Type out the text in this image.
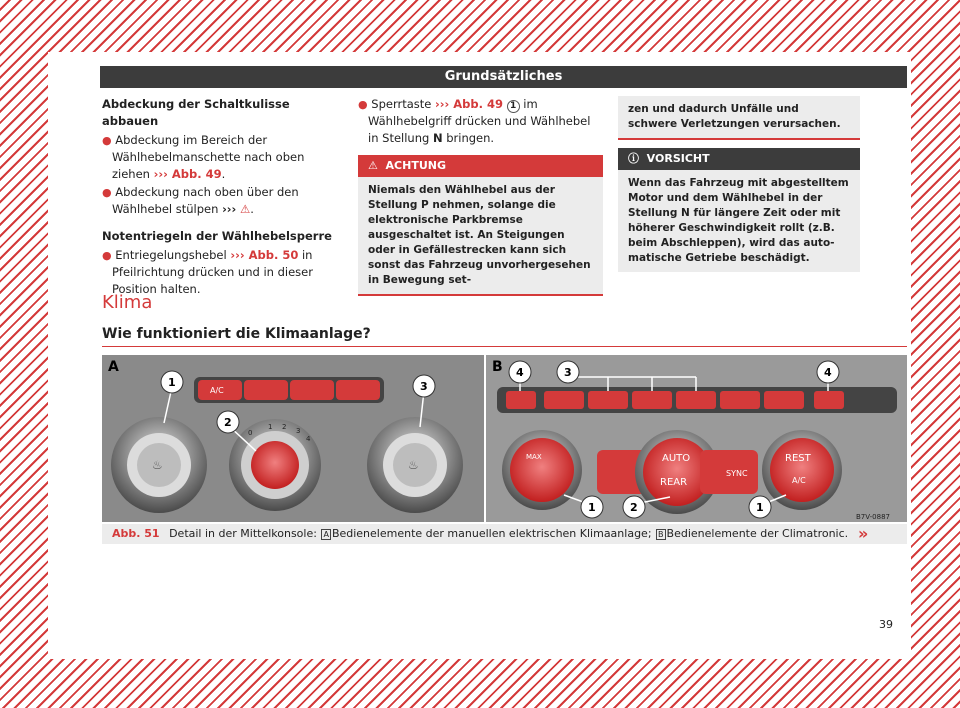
Grundsätzliches
Abdeckung der Schaltkulisse abbauen
● Abdeckung im Bereich der Wählhebelmanschette nach oben ziehen ››› Abb. 49.
● Abdeckung nach oben über den Wählhebel stülpen ››› ⚠.
Notentriegeln der Wählhebelsperre
● Entriegelungshebel ››› Abb. 50 in Pfeilrichtung drücken und in dieser Position halten.
● Sperrtaste ››› Abb. 49 1 im Wählhebelgriff drücken und Wählhebel in Stellung N bringen.
⚠ ACHTUNG
Niemals den Wählhebel aus der Stellung P nehmen, solange die elektronische Parkbremse ausgeschaltet ist. An Steigungen oder in Gefällestrecken kann sich sonst das Fahrzeug unvorhergesehen in Bewegung set-
zen und dadurch Unfälle und schwere Verletzungen verursachen.
ⓘ VORSICHT
Wenn das Fahrzeug mit abgestelltem Motor und dem Wählhebel in der Stellung N für längere Zeit oder mit höherer Geschwindigkeit rollt (z.B. beim Abschleppen), wird das automatische Getriebe beschädigt.
Klima
Wie funktioniert die Klimaanlage?
A	B
A/C
♨
0
1 2 3
4
♨
1
2
3
MAX	AUTO
REAR
SYNC
REST
A/C
4	3	4
1	2	1
B7V-0887
Abb. 51 Detail in der Mittelkonsole: A Bedienelemente der manuellen elektrischen Klimaanlage; B Bedienelemente der Climatronic. »
39
